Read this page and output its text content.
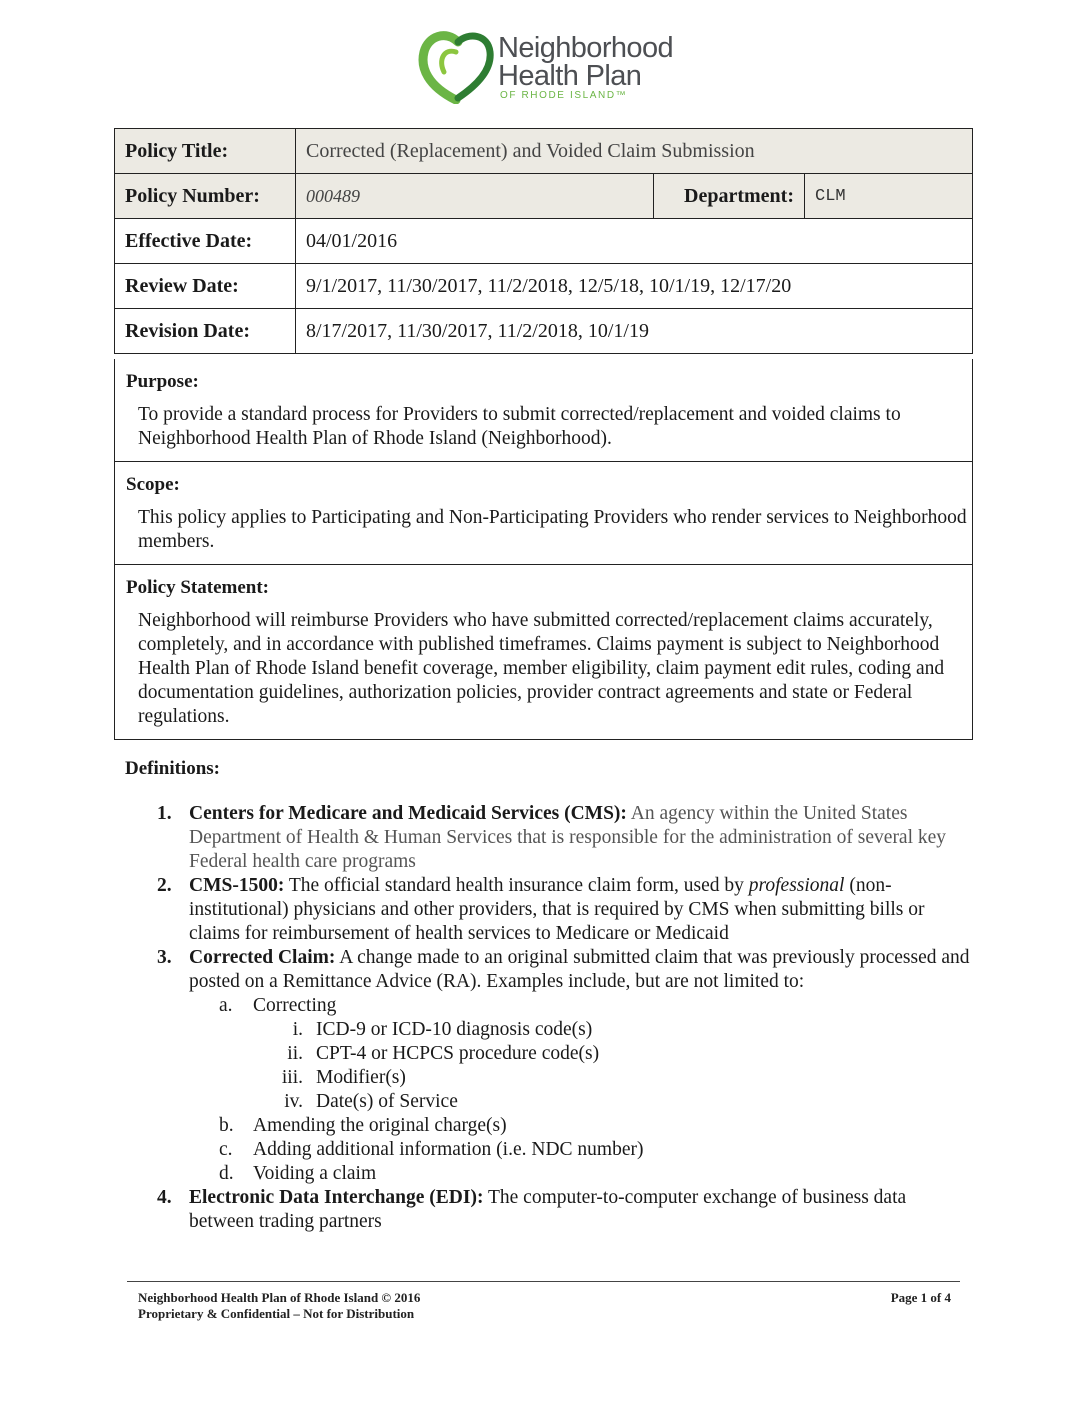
Neighborhood
Health Plan
OF RHODE ISLAND™
Policy Title:	Corrected (Replacement) and Voided Claim Submission		
Policy Number:	000489	Department:	CLM
Effective Date:	04/01/2016		
Review Date:	9/1/2017, 11/30/2017, 11/2/2018, 12/5/18, 10/1/19, 12/17/20		
Revision Date:	8/17/2017, 11/30/2017, 11/2/2018, 10/1/19		
Purpose:
To provide a standard process for Providers to submit corrected/replacement and voided claims to Neighborhood Health Plan of Rhode Island (Neighborhood).
Scope:
This policy applies to Participating and Non-Participating Providers who render services to Neighborhood members.
Policy Statement:
Neighborhood will reimburse Providers who have submitted corrected/replacement claims accurately, completely, and in accordance with published timeframes. Claims payment is subject to Neighborhood Health Plan of Rhode Island benefit coverage, member eligibility, claim payment edit rules, coding and documentation guidelines, authorization policies, provider contract agreements and state or Federal regulations.
Definitions:
1. Centers for Medicare and Medicaid Services (CMS): An agency within the United States Department of Health & Human Services that is responsible for the administration of several key Federal health care programs
2. CMS-1500: The official standard health insurance claim form, used by professional (non-institutional) physicians and other providers, that is required by CMS when submitting bills or claims for reimbursement of health services to Medicare or Medicaid
3. Corrected Claim: A change made to an original submitted claim that was previously processed and posted on a Remittance Advice (RA). Examples include, but are not limited to:
a. Correcting
i. ICD-9 or ICD-10 diagnosis code(s)
ii. CPT-4 or HCPCS procedure code(s)
iii. Modifier(s)
iv. Date(s) of Service
b. Amending the original charge(s)
c. Adding additional information (i.e. NDC number)
d. Voiding a claim
4. Electronic Data Interchange (EDI): The computer-to-computer exchange of business data between trading partners
Neighborhood Health Plan of Rhode Island © 2016
Proprietary & Confidential – Not for Distribution
Page 1 of 4
